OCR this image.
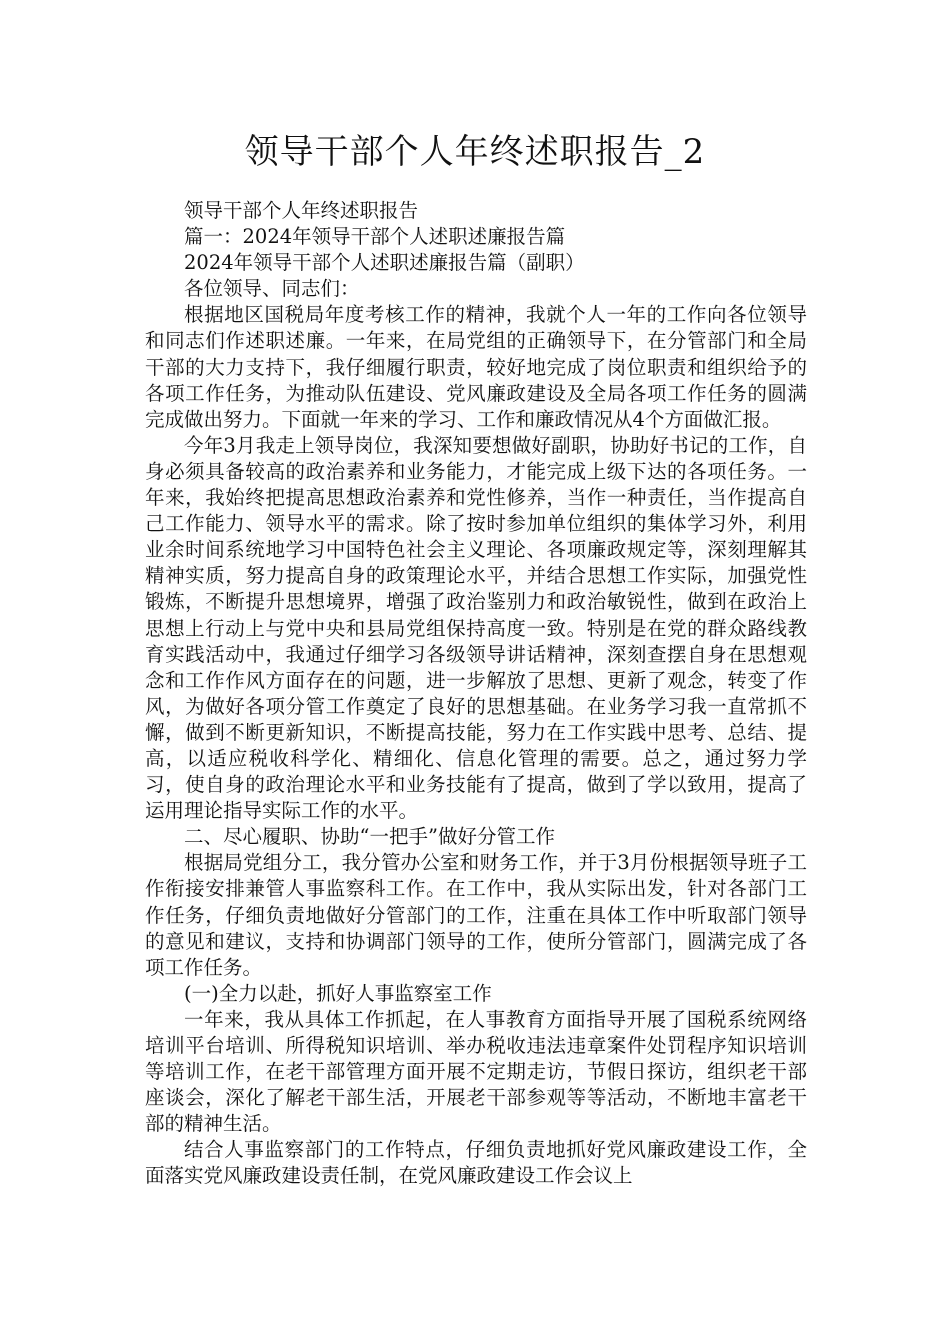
领导干部个人年终述职报告_2

领导干部个人年终述职报告

篇一：2024年领导干部个人述职述廉报告篇

2024年领导干部个人述职述廉报告篇（副职）

各位领导、同志们：

根据地区国税局年度考核工作的精神，我就个人一年的工作向各位领导和同志们作述职述廉。一年来，在局党组的正确领导下，在分管部门和全局干部的大力支持下，我仔细履行职责，较好地完成了岗位职责和组织给予的各项工作任务，为推动队伍建设、党风廉政建设及全局各项工作任务的圆满完成做出努力。下面就一年来的学习、工作和廉政情况从4个方面做汇报。

今年3月我走上领导岗位，我深知要想做好副职，协助好书记的工作，自身必须具备较高的政治素养和业务能力，才能完成上级下达的各项任务。一年来，我始终把提高思想政治素养和党性修养，当作一种责任，当作提高自己工作能力、领导水平的需求。除了按时参加单位组织的集体学习外，利用业余时间系统地学习中国特色社会主义理论、各项廉政规定等，深刻理解其精神实质，努力提高自身的政策理论水平，并结合思想工作实际，加强党性锻炼，不断提升思想境界，增强了政治鉴别力和政治敏锐性，做到在政治上思想上行动上与党中央和县局党组保持高度一致。特别是在党的群众路线教育实践活动中，我通过仔细学习各级领导讲话精神，深刻查摆自身在思想观念和工作作风方面存在的问题，进一步解放了思想、更新了观念，转变了作风，为做好各项分管工作奠定了良好的思想基础。在业务学习我一直常抓不懈，做到不断更新知识，不断提高技能，努力在工作实践中思考、总结、提高，以适应税收科学化、精细化、信息化管理的需要。总之，通过努力学习，使自身的政治理论水平和业务技能有了提高，做到了学以致用，提高了运用理论指导实际工作的水平。

二、尽心履职、协助“一把手”做好分管工作

根据局党组分工，我分管办公室和财务工作，并于3月份根据领导班子工作衔接安排兼管人事监察科工作。在工作中，我从实际出发，针对各部门工作任务，仔细负责地做好分管部门的工作，注重在具体工作中听取部门领导的意见和建议，支持和协调部门领导的工作，使所分管部门，圆满完成了各项工作任务。

(一)全力以赴，抓好人事监察室工作

一年来，我从具体工作抓起，在人事教育方面指导开展了国税系统网络培训平台培训、所得税知识培训、举办税收违法违章案件处罚程序知识培训等培训工作，在老干部管理方面开展不定期走访，节假日探访，组织老干部座谈会，深化了解老干部生活，开展老干部参观等等活动，不断地丰富老干部的精神生活。

结合人事监察部门的工作特点，仔细负责地抓好党风廉政建设工作，全面落实党风廉政建设责任制，在党风廉政建设工作会议上
